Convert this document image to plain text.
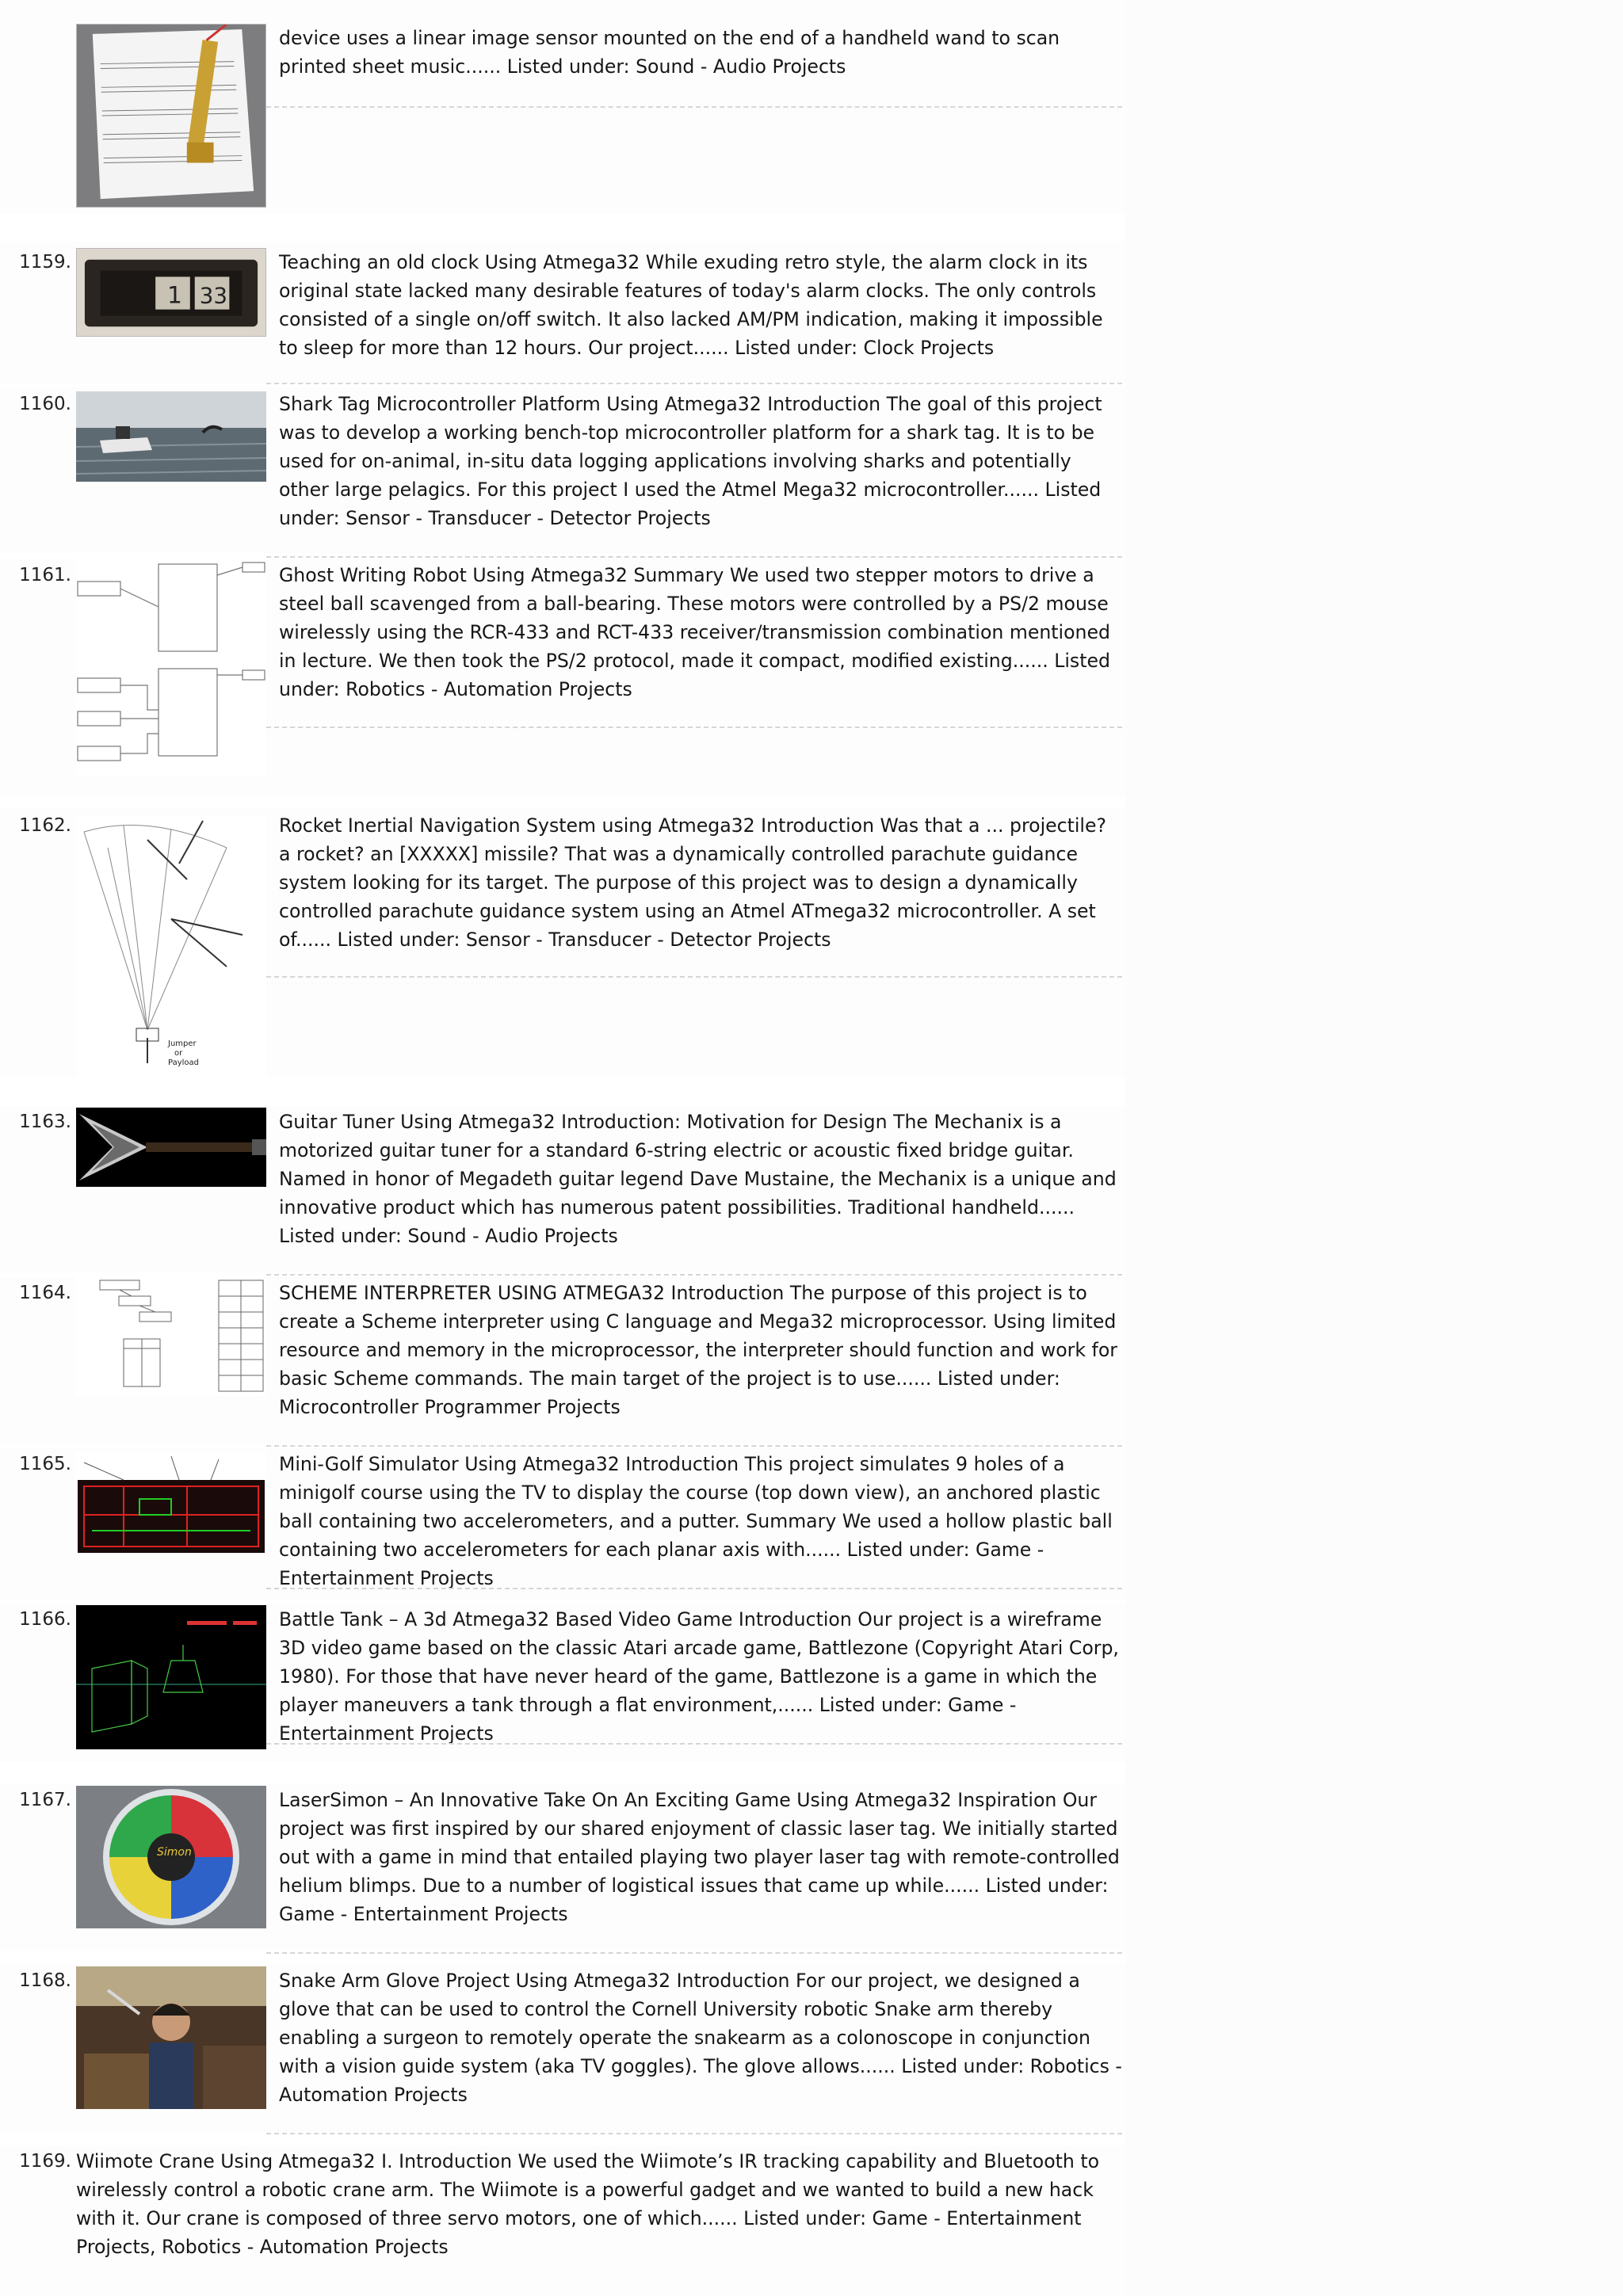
device uses a linear image sensor mounted on the end of a handheld wand to scan printed sheet music...... Listed under: Sound - Audio Projects

1159.
1 33

Teaching an old clock Using Atmega32 While exuding retro style, the alarm clock in its original state lacked many desirable features of today's alarm clocks. The only controls consisted of a single on/off switch. It also lacked AM/PM indication, making it impossible to sleep for more than 12 hours. Our project...... Listed under: Clock Projects

1160.	Shark Tag Microcontroller Platform Using Atmega32 Introduction The goal of this project was to develop a working bench-top microcontroller platform for a shark tag. It is to be used for on-animal, in-situ data logging applications involving sharks and potentially other large pelagics. For this project I used the Atmel Mega32 microcontroller...... Listed under: Sensor - Transducer - Detector Projects

1161.	Ghost Writing Robot Using Atmega32 Summary We used two stepper motors to drive a steel ball scavenged from a ball-bearing. These motors were controlled by a PS/2 mouse wirelessly using the RCR-433 and RCT-433 receiver/transmission combination mentioned in lecture. We then took the PS/2 protocol, made it compact, modified existing...... Listed under: Robotics - Automation Projects

1162.
Jumper
or
Payload

Rocket Inertial Navigation System using Atmega32 Introduction Was that a ... projectile? a rocket? an [XXXXX] missile? That was a dynamically controlled parachute guidance system looking for its target. The purpose of this project was to design a dynamically controlled parachute guidance system using an Atmel ATmega32 microcontroller. A set of...... Listed under: Sensor - Transducer - Detector Projects

1163.	Guitar Tuner Using Atmega32 Introduction: Motivation for Design The Mechanix is a motorized guitar tuner for a standard 6-string electric or acoustic fixed bridge guitar. Named in honor of Megadeth guitar legend Dave Mustaine, the Mechanix is a unique and innovative product which has numerous patent possibilities. Traditional handheld...... Listed under: Sound - Audio Projects

1164.	SCHEME INTERPRETER USING ATMEGA32 Introduction The purpose of this project is to create a Scheme interpreter using C language and Mega32 microprocessor. Using limited resource and memory in the microprocessor, the interpreter should function and work for basic Scheme commands. The main target of the project is to use...... Listed under: Microcontroller Programmer Projects

1165.	Mini-Golf Simulator Using Atmega32 Introduction This project simulates 9 holes of a minigolf course using the TV to display the course (top down view), an anchored plastic ball containing two accelerometers, and a putter. Summary We used a hollow plastic ball containing two accelerometers for each planar axis with...... Listed under: Game - Entertainment Projects

1166.	Battle Tank – A 3d Atmega32 Based Video Game Introduction Our project is a wireframe 3D video game based on the classic Atari arcade game, Battlezone (Copyright Atari Corp, 1980). For those that have never heard of the game, Battlezone is a game in which the player maneuvers a tank through a flat environment,...... Listed under: Game - Entertainment Projects

1167.
Simon

LaserSimon – An Innovative Take On An Exciting Game Using Atmega32 Inspiration Our project was first inspired by our shared enjoyment of classic laser tag. We initially started out with a game in mind that entailed playing two player laser tag with remote-controlled helium blimps. Due to a number of logistical issues that came up while...... Listed under: Game - Entertainment Projects

1168.	Snake Arm Glove Project Using Atmega32 Introduction For our project, we designed a glove that can be used to control the Cornell University robotic Snake arm thereby enabling a surgeon to remotely operate the snakearm as a colonoscope in conjunction with a vision guide system (aka TV goggles). The glove allows...... Listed under: Robotics - Automation Projects

1169. Wiimote Crane Using Atmega32 I. Introduction We used the Wiimote’s IR tracking capability and Bluetooth to wirelessly control a robotic crane arm. The Wiimote is a powerful gadget and we wanted to build a new hack with it. Our crane is composed of three servo motors, one of which...... Listed under: Game - Entertainment Projects, Robotics - Automation Projects
